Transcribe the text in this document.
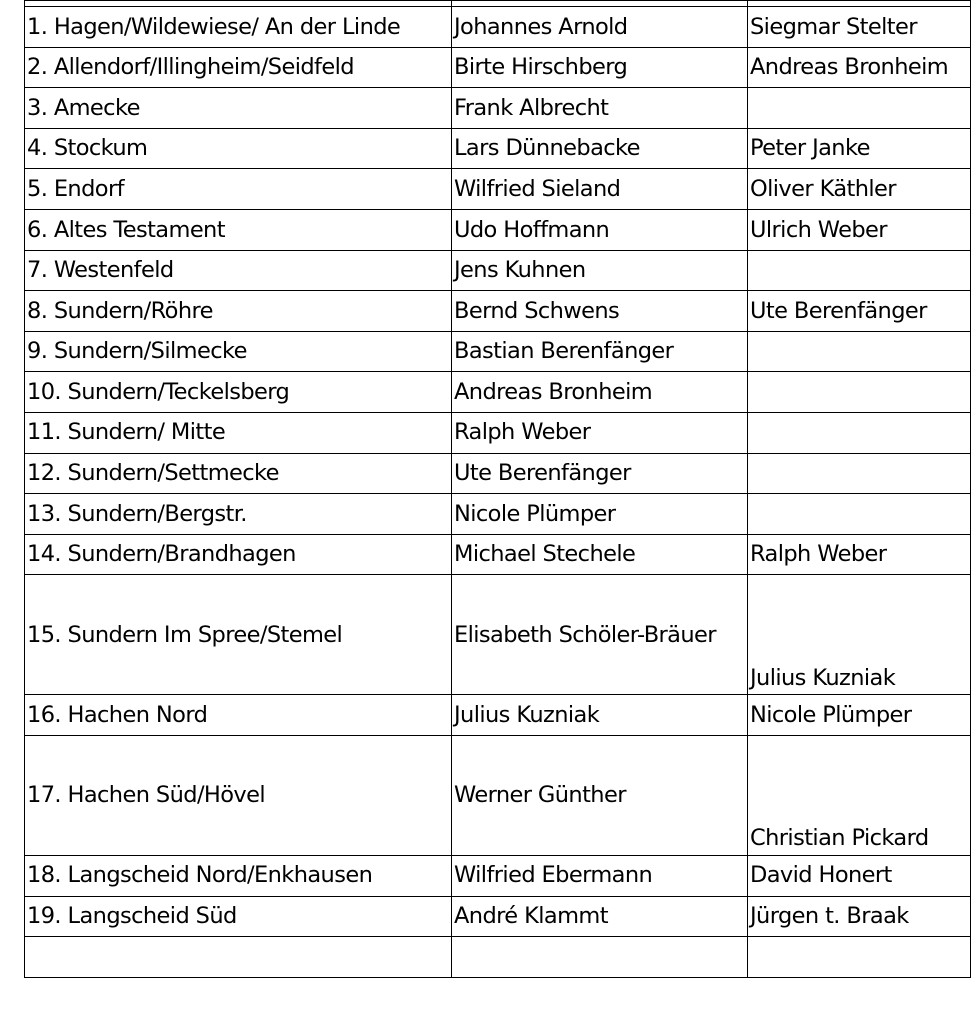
1. Hagen/Wildewiese/ An der Linde	Johannes Arnold	Siegmar Stelter
2. Allendorf/Illingheim/Seidfeld	Birte Hirschberg	Andreas Bronheim
3. Amecke	Frank Albrecht	
4. Stockum	Lars Dünnebacke	Peter Janke
5. Endorf	Wilfried Sieland	Oliver Käthler
6. Altes Testament	Udo Hoffmann	Ulrich Weber
7. Westenfeld	Jens Kuhnen	
8. Sundern/Röhre	Bernd Schwens	Ute Berenfänger
9. Sundern/Silmecke	Bastian Berenfänger	
10. Sundern/Teckelsberg	Andreas Bronheim	
11. Sundern/ Mitte	Ralph Weber	
12. Sundern/Settmecke	Ute Berenfänger	
13. Sundern/Bergstr.	Nicole Plümper	
14. Sundern/Brandhagen	Michael Stechele	Ralph Weber
15. Sundern Im Spree/Stemel	Elisabeth Schöler-Bräuer	Julius Kuzniak
16. Hachen Nord	Julius Kuzniak	Nicole Plümper
17. Hachen Süd/Hövel	Werner Günther	Christian Pickard
18. Langscheid Nord/Enkhausen	Wilfried Ebermann	David Honert
19. Langscheid Süd	André Klammt	Jürgen t. Braak
